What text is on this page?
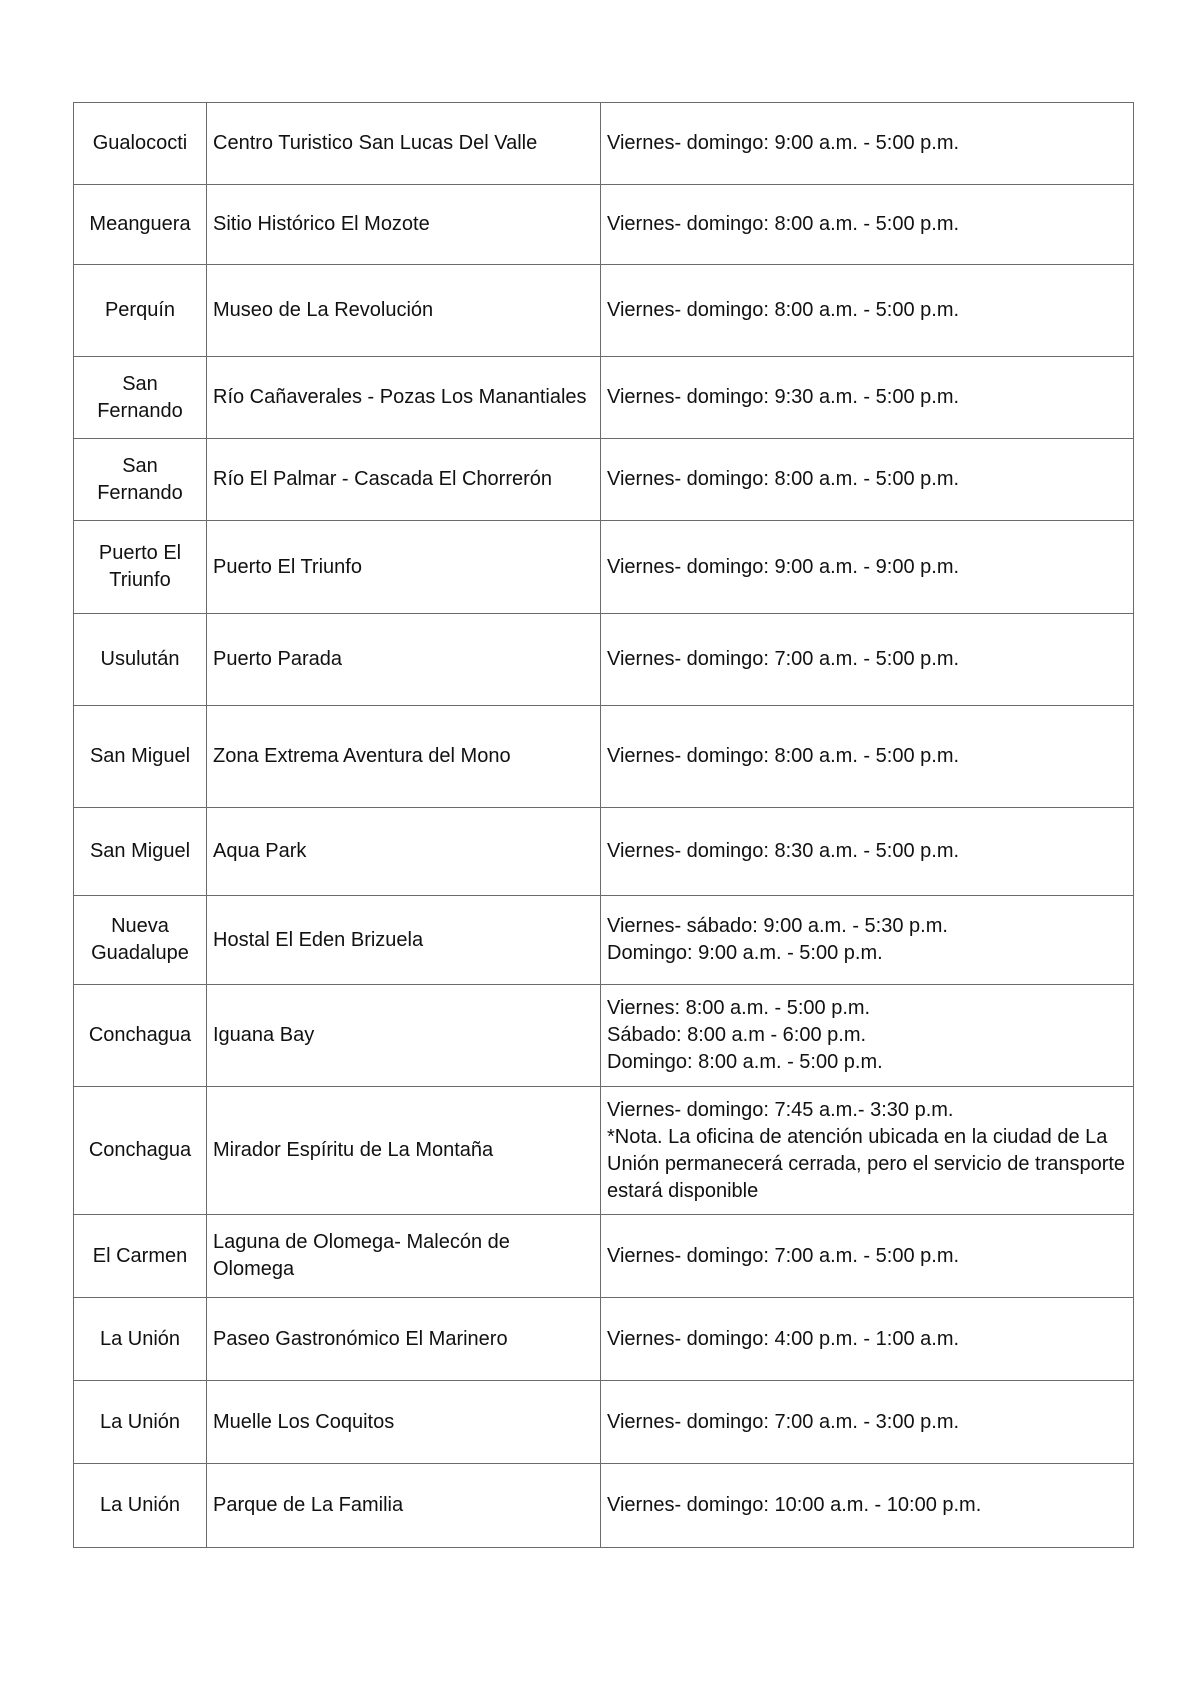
Gualococti	Centro Turistico San Lucas Del Valle	Viernes- domingo: 9:00 a.m. - 5:00 p.m.

Meanguera	Sitio Histórico El Mozote	Viernes- domingo: 8:00 a.m. - 5:00 p.m.

Perquín	Museo de La Revolución	Viernes- domingo: 8:00 a.m. - 5:00 p.m.

San Fernando	Río Cañaverales - Pozas Los Manantiales	Viernes- domingo: 9:30 a.m. - 5:00 p.m.

San Fernando	Río El Palmar - Cascada El Chorrerón	Viernes- domingo: 8:00 a.m. - 5:00 p.m.

Puerto El Triunfo	Puerto El Triunfo	Viernes- domingo: 9:00 a.m. - 9:00 p.m.

Usulután	Puerto Parada	Viernes- domingo: 7:00 a.m. - 5:00 p.m.

San Miguel	Zona Extrema Aventura del Mono	Viernes- domingo: 8:00 a.m. - 5:00 p.m.

San Miguel	Aqua Park	Viernes- domingo: 8:30 a.m. - 5:00 p.m.

Nueva Guadalupe	Hostal El Eden Brizuela	Viernes- sábado: 9:00 a.m. - 5:30 p.m.
Domingo: 9:00 a.m. - 5:00 p.m.

Conchagua	Iguana Bay	Viernes: 8:00 a.m. - 5:00 p.m.
Sábado: 8:00 a.m - 6:00 p.m.
Domingo: 8:00 a.m. - 5:00 p.m.

Conchagua	Mirador Espíritu de La Montaña	Viernes- domingo: 7:45 a.m.- 3:30 p.m.
*Nota. La oficina de atención ubicada en la ciudad de La Unión permanecerá cerrada, pero el servicio de transporte estará disponible

El Carmen	Laguna de Olomega- Malecón de Olomega	Viernes- domingo: 7:00 a.m. - 5:00 p.m.

La Unión	Paseo Gastronómico El Marinero	Viernes- domingo: 4:00 p.m. - 1:00 a.m.

La Unión	Muelle Los Coquitos	Viernes- domingo: 7:00 a.m. - 3:00 p.m.

La Unión	Parque de La Familia	Viernes- domingo: 10:00 a.m. - 10:00 p.m.
